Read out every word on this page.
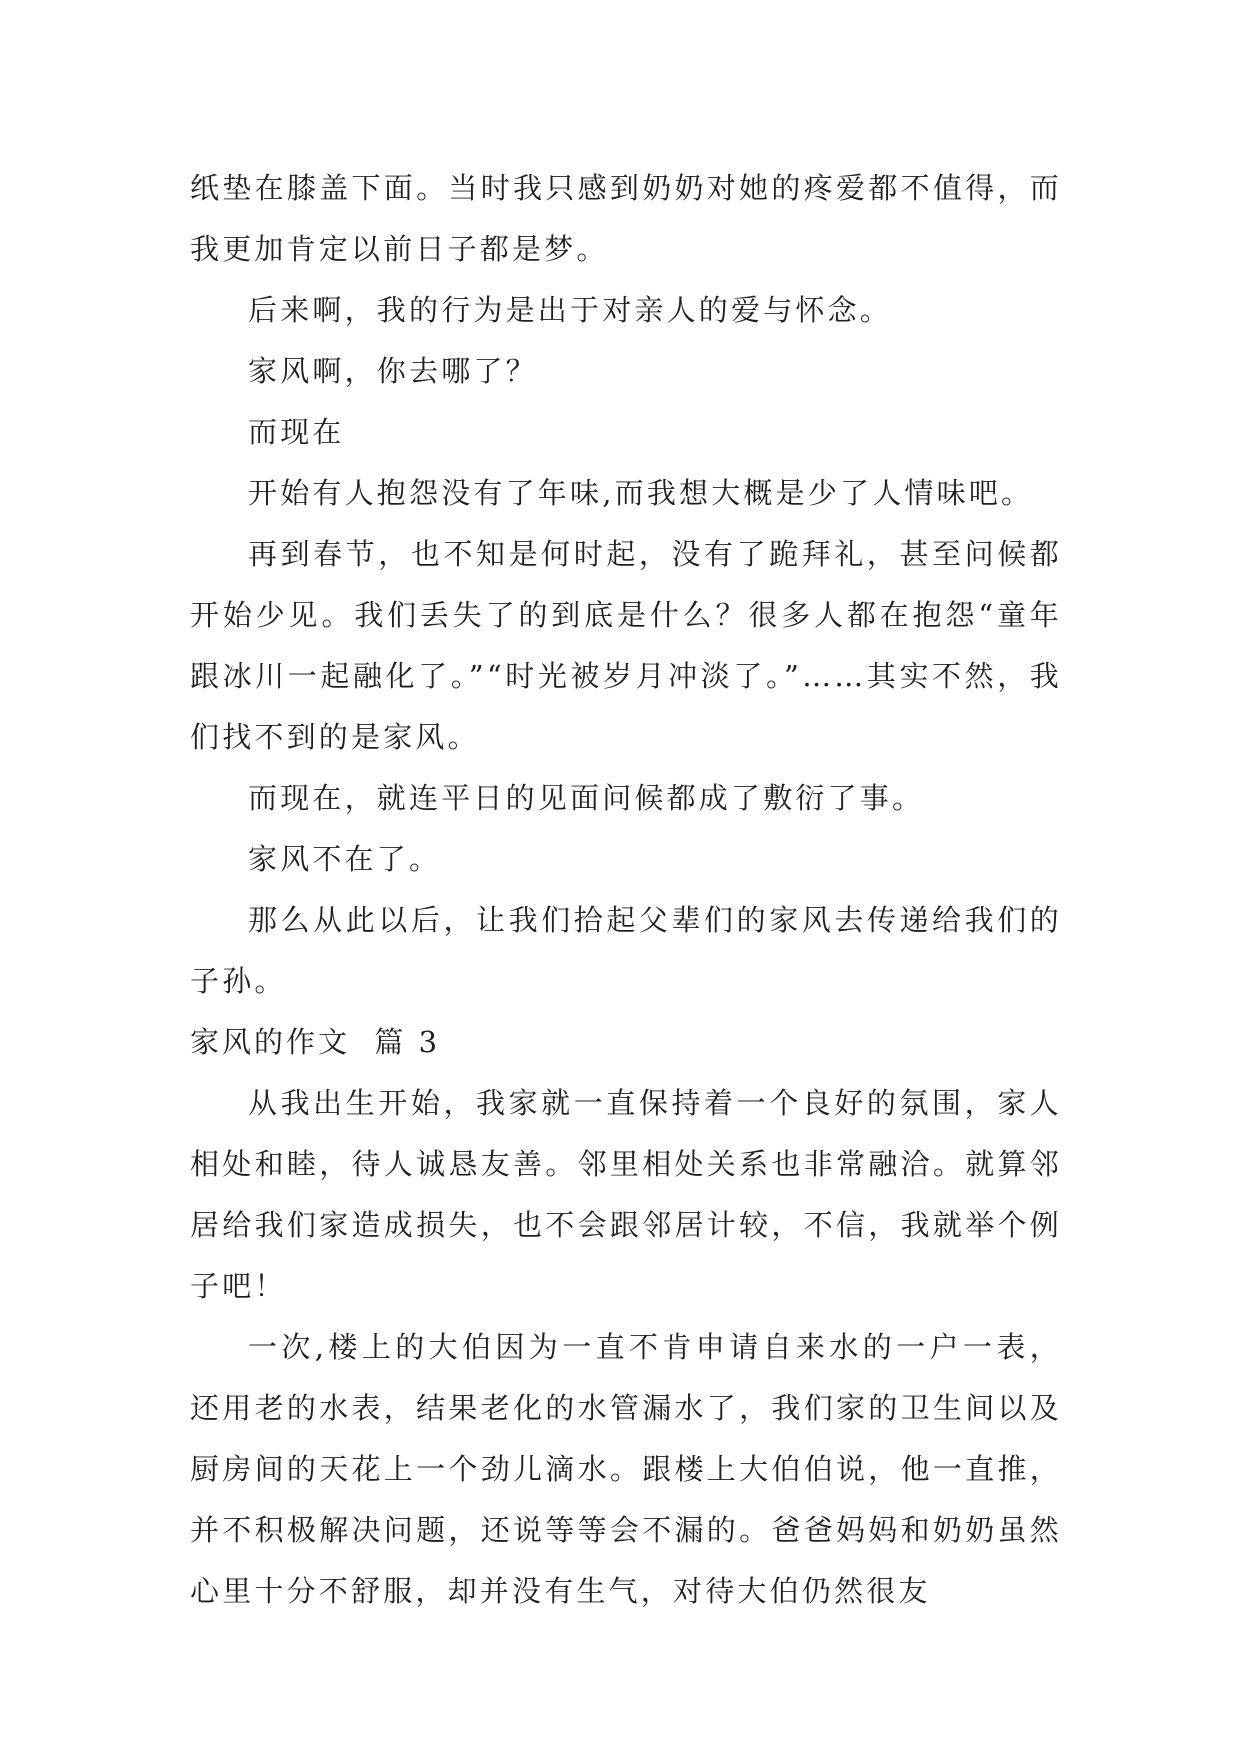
纸垫在膝盖下面。当时我只感到奶奶对她的疼爱都不值得，而我更加肯定以前日子都是梦。

后来啊，我的行为是出于对亲人的爱与怀念。

家风啊，你去哪了？

而现在

开始有人抱怨没有了年味,而我想大概是少了人情味吧。

再到春节，也不知是何时起，没有了跪拜礼，甚至问候都开始少见。我们丢失了的到底是什么？很多人都在抱怨“童年跟冰川一起融化了。”“时光被岁月冲淡了。”……其实不然，我们找不到的是家风。

而现在，就连平日的见面问候都成了敷衍了事。

家风不在了。

那么从此以后，让我们拾起父辈们的家风去传递给我们的子孙。

家风的作文  篇 3

从我出生开始，我家就一直保持着一个良好的氛围，家人相处和睦，待人诚恳友善。邻里相处关系也非常融洽。就算邻居给我们家造成损失，也不会跟邻居计较，不信，我就举个例子吧！

一次,楼上的大伯因为一直不肯申请自来水的一户一表，还用老的水表，结果老化的水管漏水了，我们家的卫生间以及厨房间的天花上一个劲儿滴水。跟楼上大伯伯说，他一直推，并不积极解决问题，还说等等会不漏的。爸爸妈妈和奶奶虽然心里十分不舒服，却并没有生气，对待大伯仍然很友
